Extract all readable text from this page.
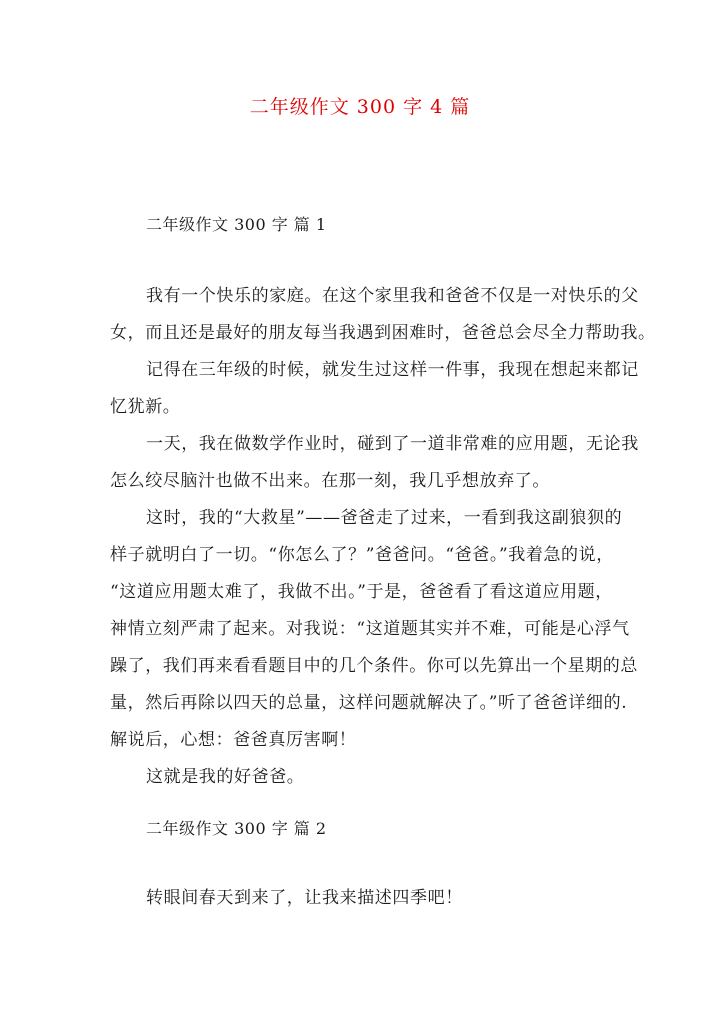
二年级作文 300 字 4 篇
二年级作文 300 字 篇 1
我有一个快乐的家庭。在这个家里我和爸爸不仅是一对快乐的父
女，而且还是最好的朋友每当我遇到困难时，爸爸总会尽全力帮助我。
记得在三年级的时候，就发生过这样一件事，我现在想起来都记
忆犹新。
一天，我在做数学作业时，碰到了一道非常难的应用题，无论我
怎么绞尽脑汁也做不出来。在那一刻，我几乎想放弃了。
这时，我的“大救星”——爸爸走了过来，一看到我这副狼狈的
样子就明白了一切。“你怎么了？”爸爸问。“爸爸。”我着急的说，
“这道应用题太难了，我做不出。”于是，爸爸看了看这道应用题，
神情立刻严肃了起来。对我说：“这道题其实并不难，可能是心浮气
躁了，我们再来看看题目中的几个条件。你可以先算出一个星期的总
量，然后再除以四天的总量，这样问题就解决了。”听了爸爸详细的.
解说后，心想：爸爸真厉害啊！
这就是我的好爸爸。
二年级作文 300 字 篇 2
转眼间春天到来了，让我来描述四季吧！
